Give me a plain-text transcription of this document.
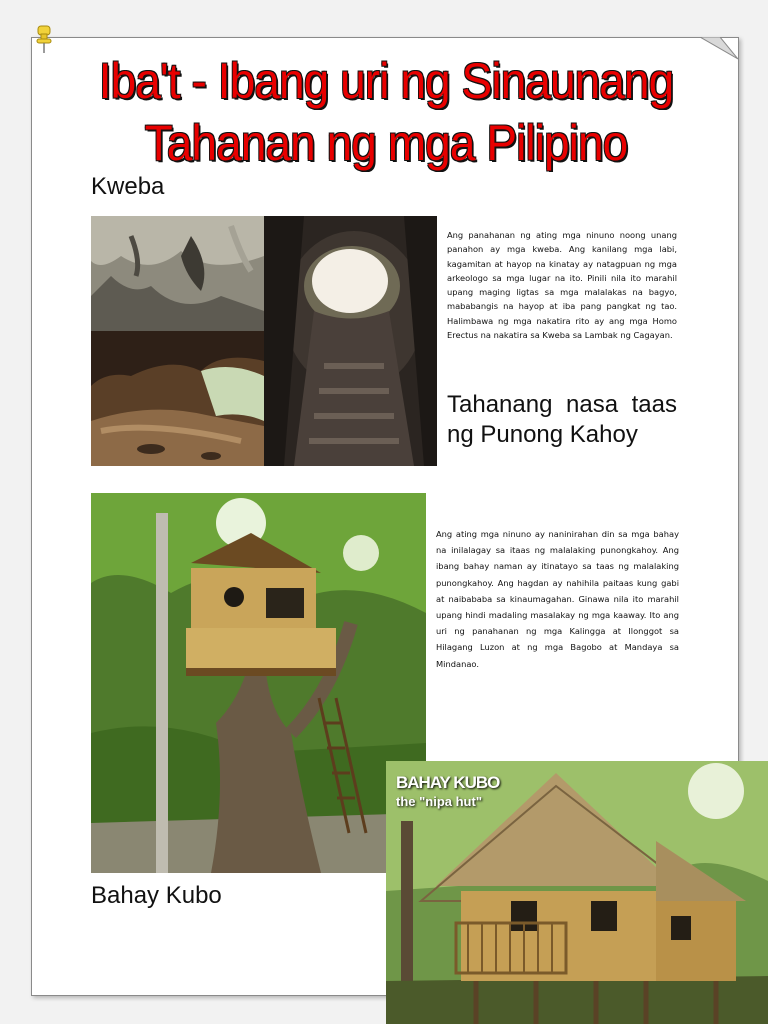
Iba't - Ibang uri ng Sinaunang
Tahanan ng mga Pilipino
Kweba
Ang panahanan ng ating mga ninuno noong unang panahon ay mga kweba. Ang kanilang mga labi, kagamitan at hayop na kinatay ay natagpuan ng mga arkeologo sa mga lugar na ito. Pinili nila ito marahil upang maging ligtas sa mga malalakas na bagyo, mababangis na hayop at iba pang pangkat ng tao. Halimbawa ng mga nakatira rito ay ang mga Homo Erectus na nakatira sa Kweba sa Lambak ng Cagayan.
Tahanang nasa taas ng Punong Kahoy
Ang ating mga ninuno ay naninirahan din sa mga bahay na inilalagay sa itaas ng malalaking punongkahoy. Ang ibang bahay naman ay itinatayo sa taas ng malalaking punongkahoy. Ang hagdan ay nahihila paitaas kung gabi at naibababa sa kinaumagahan. Ginawa nila ito marahil upang hindi madaling masalakay ng mga kaaway. Ito ang uri ng panahanan ng mga Kalingga at Ilonggot sa Hilagang Luzon at ng mga Bagobo at Mandaya sa Mindanao.
Bahay Kubo
BAHAY KUBO
the "nipa hut"
